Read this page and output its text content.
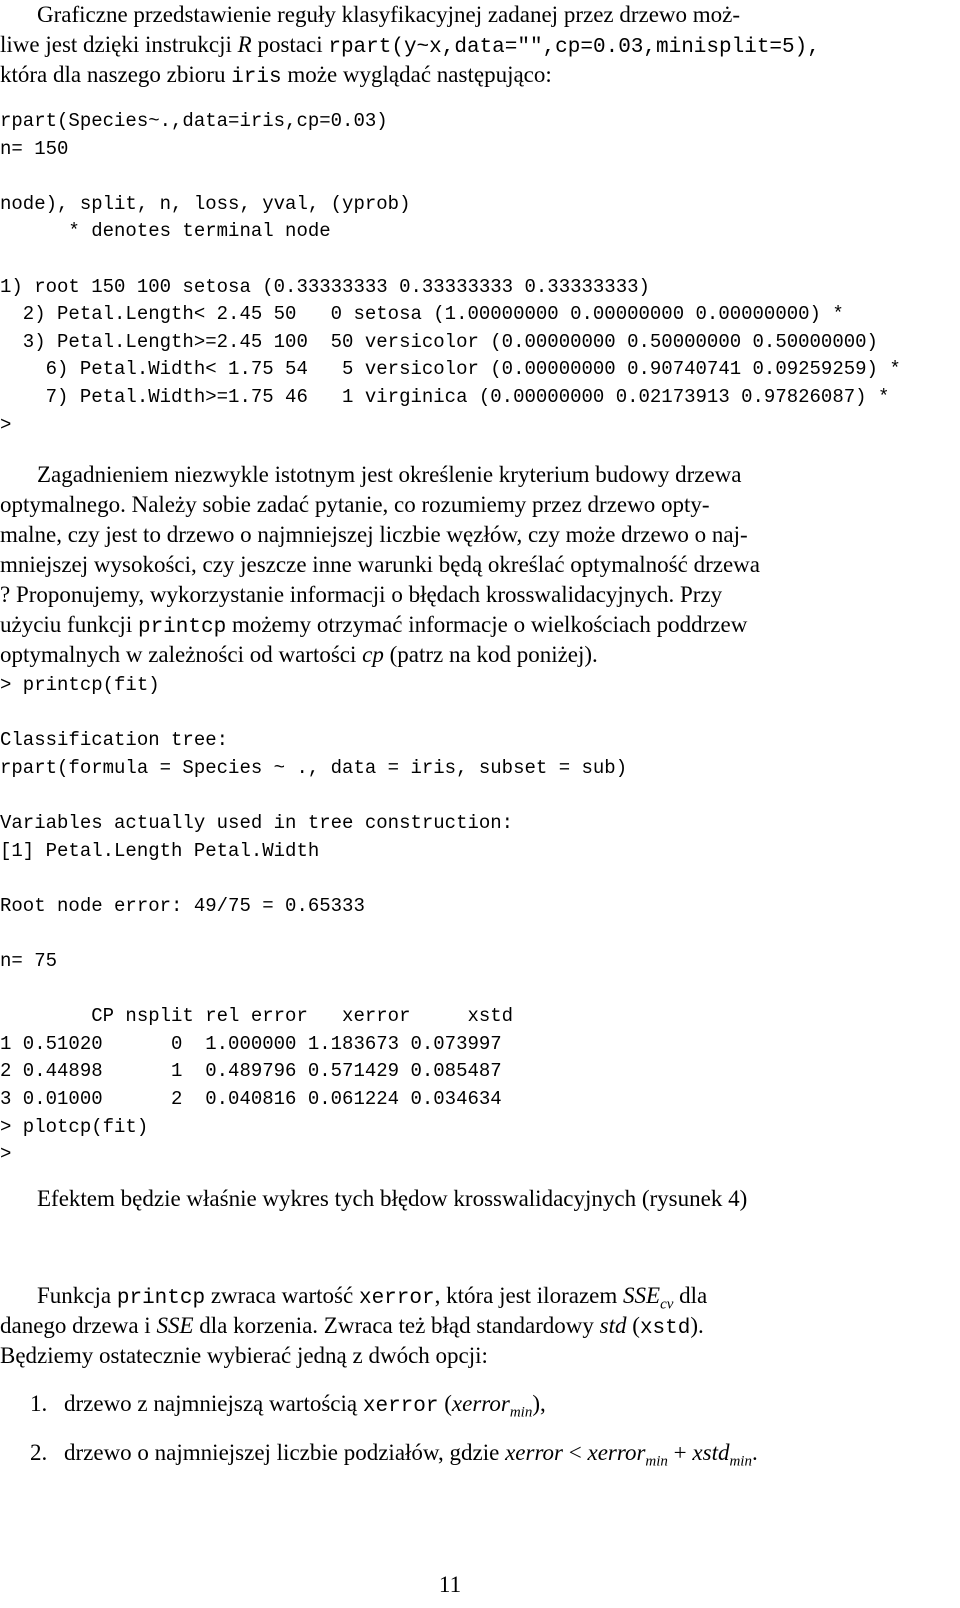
Graficzne przedstawienie reguły klasyfikacyjnej zadanej przez drzewo moż-
liwe jest dzięki instrukcji R postaci rpart(y~x,data="",cp=0.03,minisplit=5),
która dla naszego zbioru iris może wyglądać następująco:
rpart(Species~.,data=iris,cp=0.03)
n= 150

node), split, n, loss, yval, (yprob)
* denotes terminal node

1) root 150 100 setosa (0.33333333 0.33333333 0.33333333)
2) Petal.Length< 2.45 50   0 setosa (1.00000000 0.00000000 0.00000000) *
3) Petal.Length>=2.45 100  50 versicolor (0.00000000 0.50000000 0.50000000)
6) Petal.Width< 1.75 54   5 versicolor (0.00000000 0.90740741 0.09259259) *
7) Petal.Width>=1.75 46   1 virginica (0.00000000 0.02173913 0.97826087) *
>
Zagadnieniem niezwykle istotnym jest określenie kryterium budowy drzewa
optymalnego. Należy sobie zadać pytanie, co rozumiemy przez drzewo opty-
malne, czy jest to drzewo o najmniejszej liczbie węzłów, czy może drzewo o naj-
mniejszej wysokości, czy jeszcze inne warunki będą określać optymalność drzewa
? Proponujemy, wykorzystanie informacji o błędach krosswalidacyjnych. Przy
użyciu funkcji printcp możemy otrzymać informacje o wielkościach poddrzew
optymalnych w zależności od wartości cp (patrz na kod poniżej).
> printcp(fit)

Classification tree:
rpart(formula = Species ~ ., data = iris, subset = sub)

Variables actually used in tree construction:
[1] Petal.Length Petal.Width

Root node error: 49/75 = 0.65333

n= 75

CP nsplit rel error   xerror     xstd
1 0.51020      0  1.000000 1.183673 0.073997
2 0.44898      1  0.489796 0.571429 0.085487
3 0.01000      2  0.040816 0.061224 0.034634
> plotcp(fit)
>
Efektem będzie właśnie wykres tych błędow krosswalidacyjnych (rysunek 4)
Funkcja printcp zwraca wartość xerror, która jest ilorazem $SSE_{cv}$ dla
danego drzewa i SSE dla korzenia. Zwraca też błąd standardowy std (xstd).
Będziemy ostatecznie wybierać jedną z dwóch opcji:
1. drzewo z najmniejszą wartością xerror (xerror$_{min}$),
2. drzewo o najmniejszej liczbie podziałów, gdzie xerror < xerror$_{min}$ + xstd$_{min}$.
11
